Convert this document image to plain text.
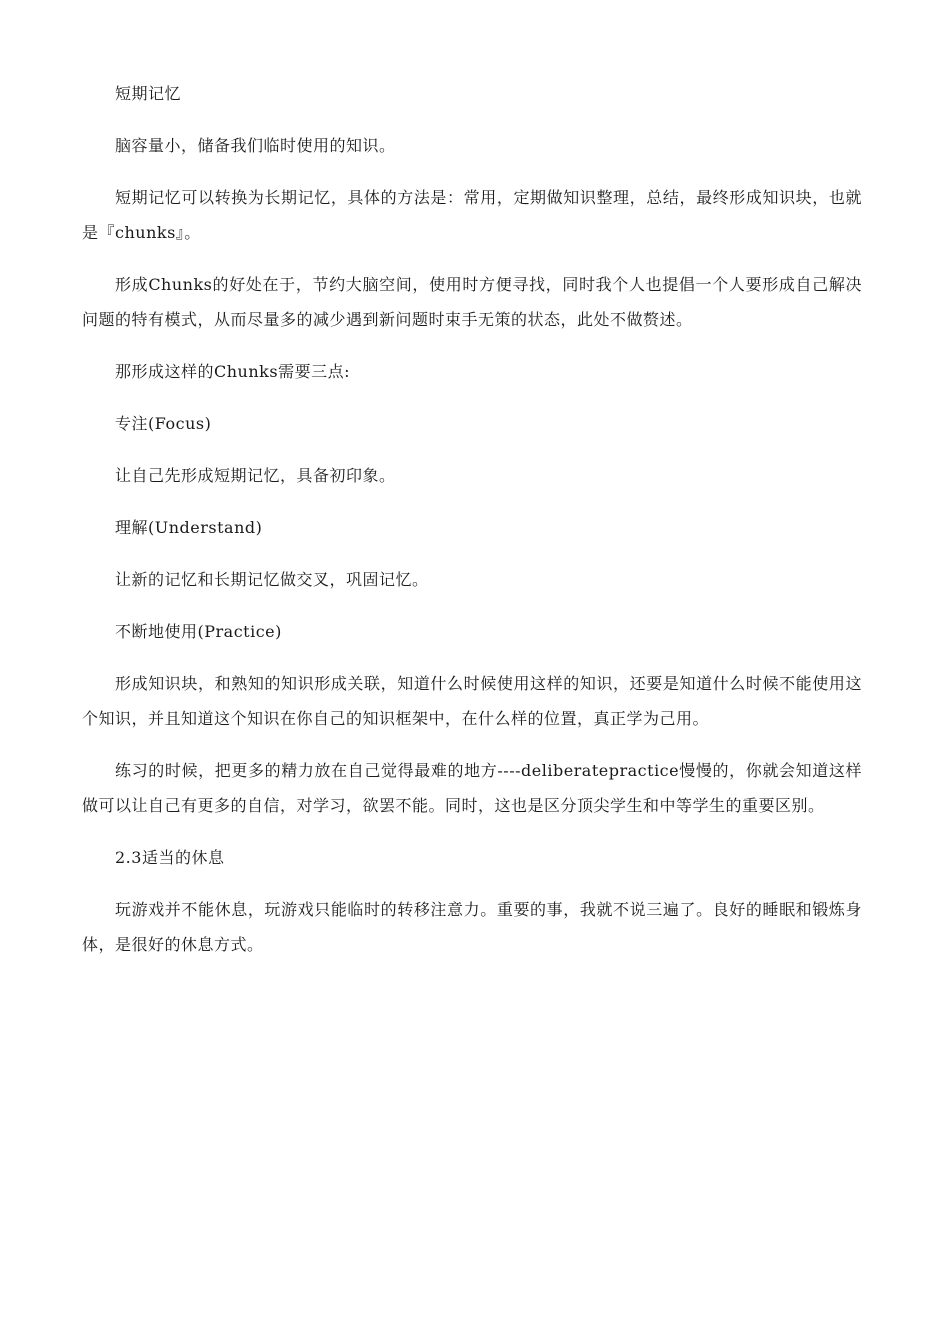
短期记忆

脑容量小，储备我们临时使用的知识。

短期记忆可以转换为长期记忆，具体的方法是：常用，定期做知识整理，总结，最终形成知识块，也就是『chunks』。

形成Chunks的好处在于，节约大脑空间，使用时方便寻找，同时我个人也提倡一个人要形成自己解决问题的特有模式，从而尽量多的减少遇到新问题时束手无策的状态，此处不做赘述。

那形成这样的Chunks需要三点:

专注(Focus)

让自己先形成短期记忆，具备初印象。

理解(Understand)

让新的记忆和长期记忆做交叉，巩固记忆。

不断地使用(Practice)

形成知识块，和熟知的知识形成关联，知道什么时候使用这样的知识，还要是知道什么时候不能使用这个知识，并且知道这个知识在你自己的知识框架中，在什么样的位置，真正学为己用。

练习的时候，把更多的精力放在自己觉得最难的地方----deliberatepractice慢慢的，你就会知道这样做可以让自己有更多的自信，对学习，欲罢不能。同时，这也是区分顶尖学生和中等学生的重要区别。

2.3适当的休息

玩游戏并不能休息，玩游戏只能临时的转移注意力。重要的事，我就不说三遍了。良好的睡眠和锻炼身体，是很好的休息方式。
